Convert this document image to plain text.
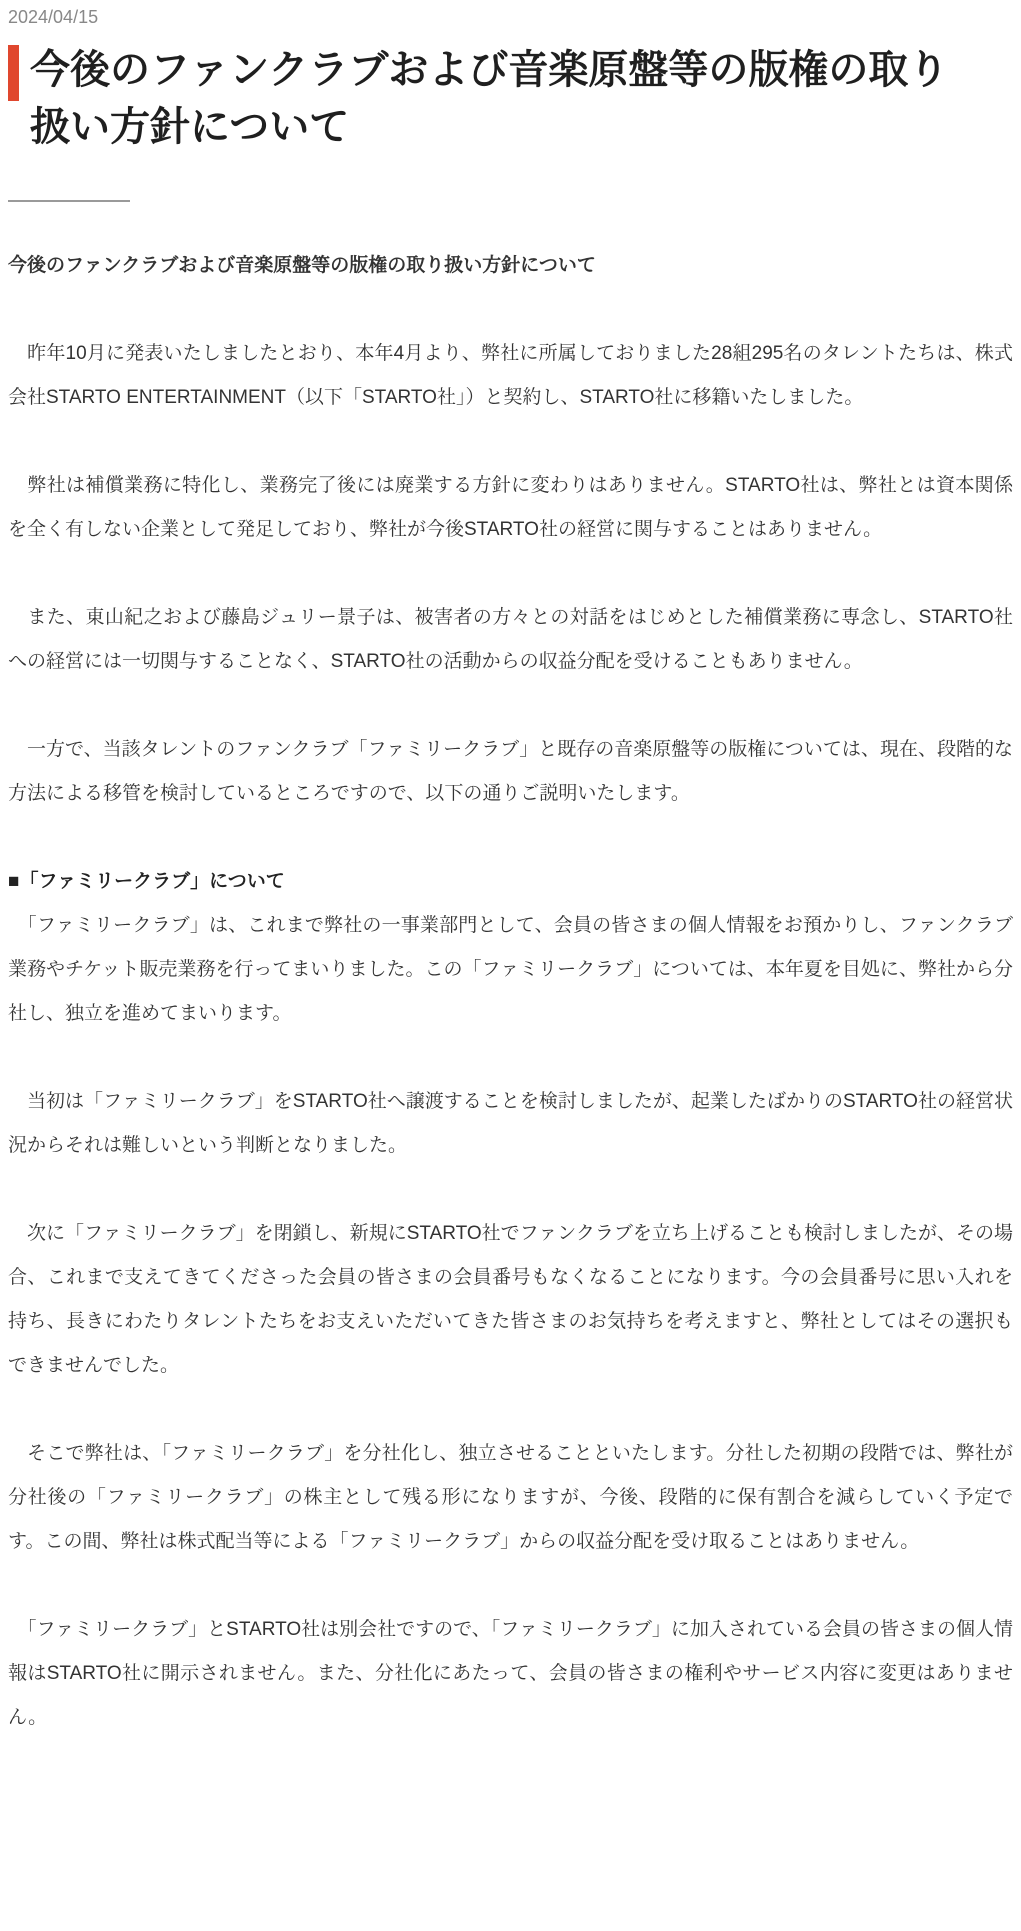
2024/04/15
今後のファンクラブおよび音楽原盤等の版権の取り扱い方針について

今後のファンクラブおよび音楽原盤等の版権の取り扱い方針について

　昨年10月に発表いたしましたとおり、本年4月より、弊社に所属しておりました28組295名のタレントたちは、株式会社STARTO ENTERTAINMENT（以下「STARTO社」）と契約し、STARTO社に移籍いたしました。

　弊社は補償業務に特化し、業務完了後には廃業する方針に変わりはありません。STARTO社は、弊社とは資本関係を全く有しない企業として発足しており、弊社が今後STARTO社の経営に関与することはありません。

　また、東山紀之および藤島ジュリー景子は、被害者の方々との対話をはじめとした補償業務に専念し、STARTO社への経営には一切関与することなく、STARTO社の活動からの収益分配を受けることもありません。

　一方で、当該タレントのファンクラブ「ファミリークラブ」と既存の音楽原盤等の版権については、現在、段階的な方法による移管を検討しているところですので、以下の通りご説明いたします。

■「ファミリークラブ」について

　「ファミリークラブ」は、これまで弊社の一事業部門として、会員の皆さまの個人情報をお預かりし、ファンクラブ業務やチケット販売業務を行ってまいりました。この「ファミリークラブ」については、本年夏を目処に、弊社から分社し、独立を進めてまいります。

　当初は「ファミリークラブ」をSTARTO社へ譲渡することを検討しましたが、起業したばかりのSTARTO社の経営状況からそれは難しいという判断となりました。

　次に「ファミリークラブ」を閉鎖し、新規にSTARTO社でファンクラブを立ち上げることも検討しましたが、その場合、これまで支えてきてくださった会員の皆さまの会員番号もなくなることになります。今の会員番号に思い入れを持ち、長きにわたりタレントたちをお支えいただいてきた皆さまのお気持ちを考えますと、弊社としてはその選択もできませんでした。

　そこで弊社は、「ファミリークラブ」を分社化し、独立させることといたします。分社した初期の段階では、弊社が分社後の「ファミリークラブ」の株主として残る形になりますが、今後、段階的に保有割合を減らしていく予定です。この間、弊社は株式配当等による「ファミリークラブ」からの収益分配を受け取ることはありません。

　「ファミリークラブ」とSTARTO社は別会社ですので、「ファミリークラブ」に加入されている会員の皆さまの個人情報はSTARTO社に開示されません。また、分社化にあたって、会員の皆さまの権利やサービス内容に変更はありません。
